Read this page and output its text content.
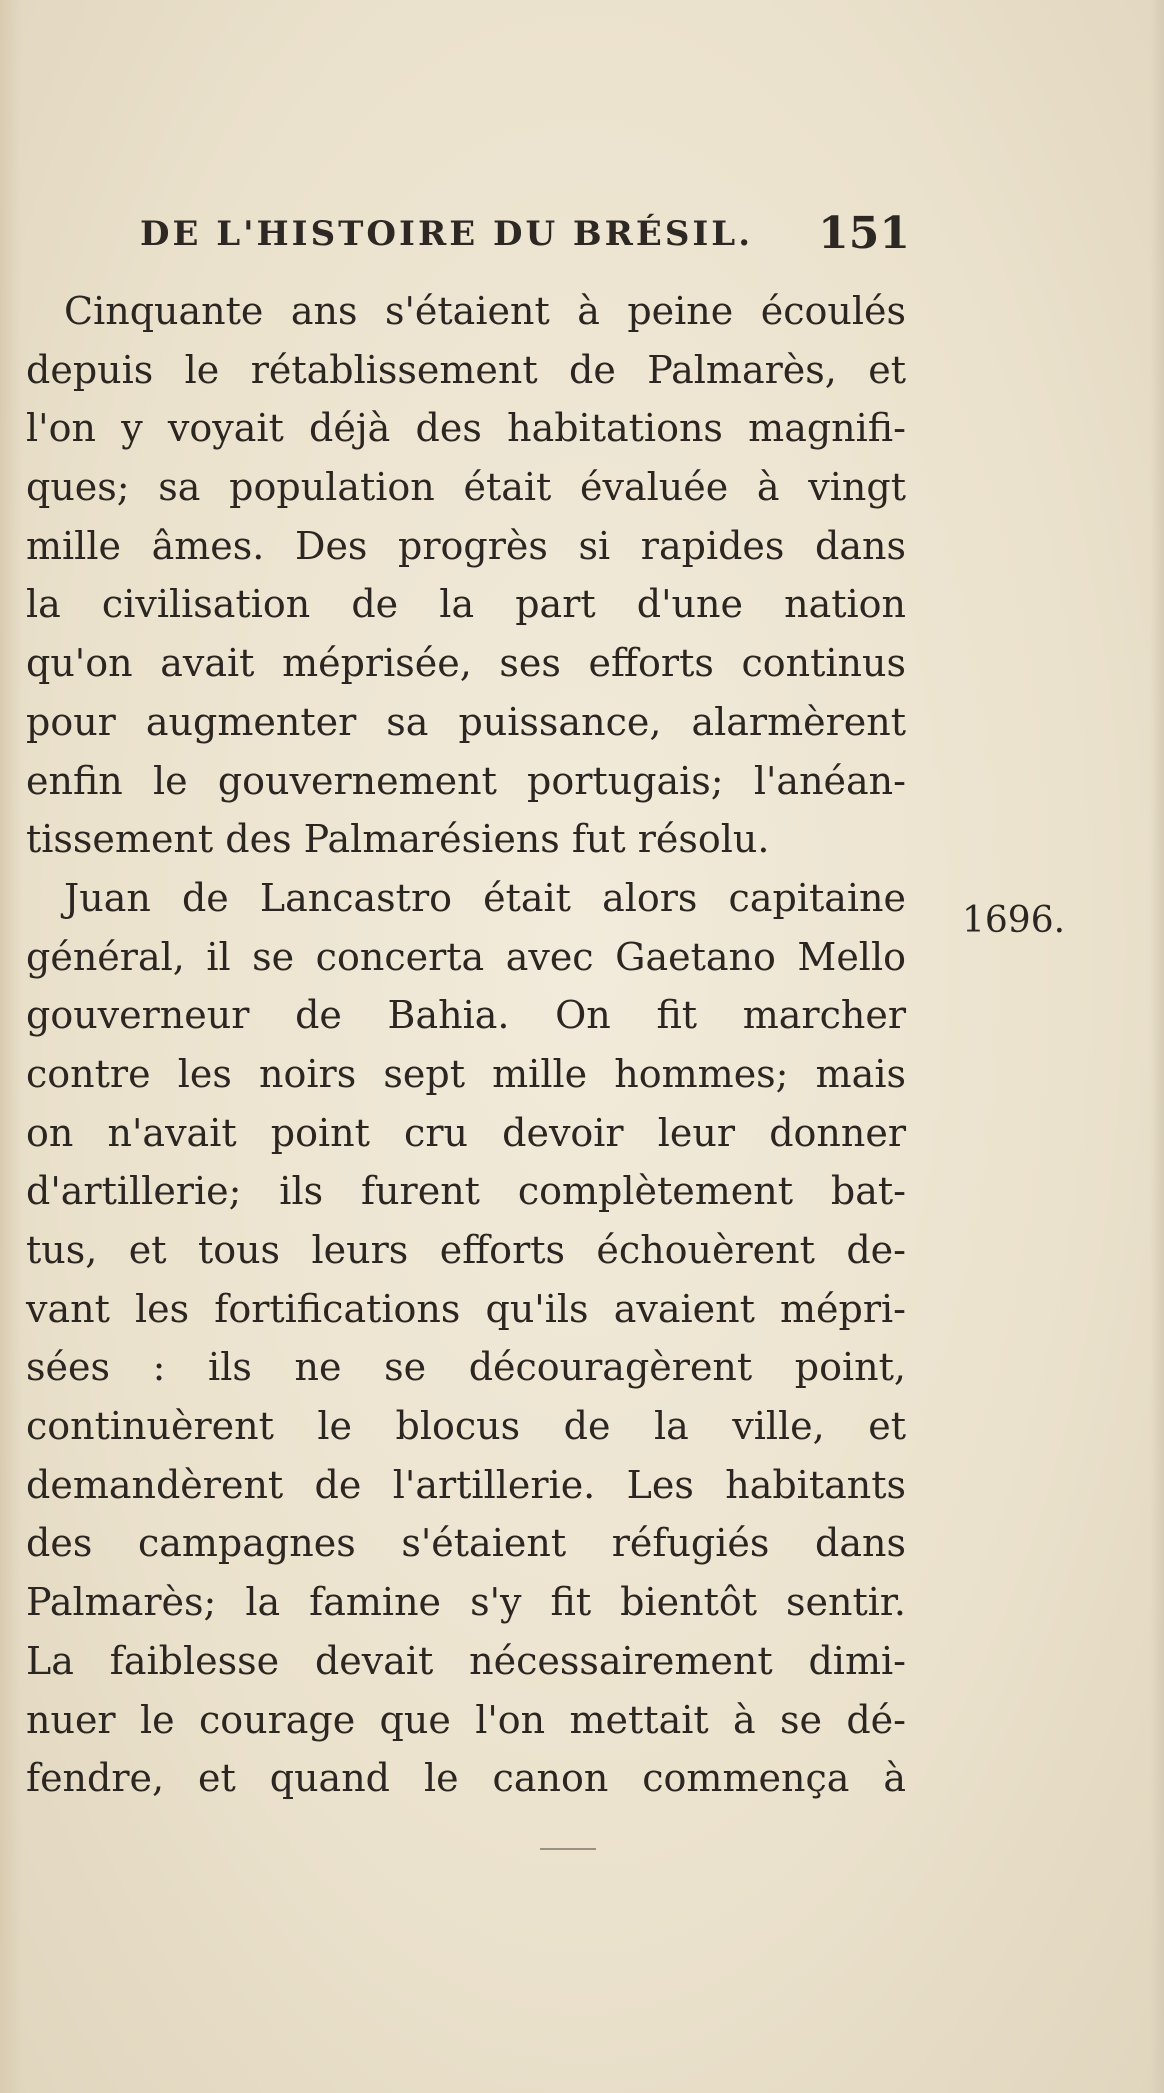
DE L'HISTOIRE DU BRÉSIL. 151
Cinquante ans s'étaient à peine écoulés
depuis le rétablissement de Palmarès, et
l'on y voyait déjà des habitations magnifi-
ques; sa population était évaluée à vingt
mille âmes. Des progrès si rapides dans
la civilisation de la part d'une nation
qu'on avait méprisée, ses efforts continus
pour augmenter sa puissance, alarmèrent
enfin le gouvernement portugais; l'anéan-
tissement des Palmarésiens fut résolu.
Juan de Lancastro était alors capitaine
général, il se concerta avec Gaetano Mello
gouverneur de Bahia. On fit marcher
contre les noirs sept mille hommes; mais
on n'avait point cru devoir leur donner
d'artillerie; ils furent complètement bat-
tus, et tous leurs efforts échouèrent de-
vant les fortifications qu'ils avaient mépri-
sées : ils ne se découragèrent point,
continuèrent le blocus de la ville, et
demandèrent de l'artillerie. Les habitants
des campagnes s'étaient réfugiés dans
Palmarès; la famine s'y fit bientôt sentir.
La faiblesse devait nécessairement dimi-
nuer le courage que l'on mettait à se dé-
fendre, et quand le canon commença à
1696.
